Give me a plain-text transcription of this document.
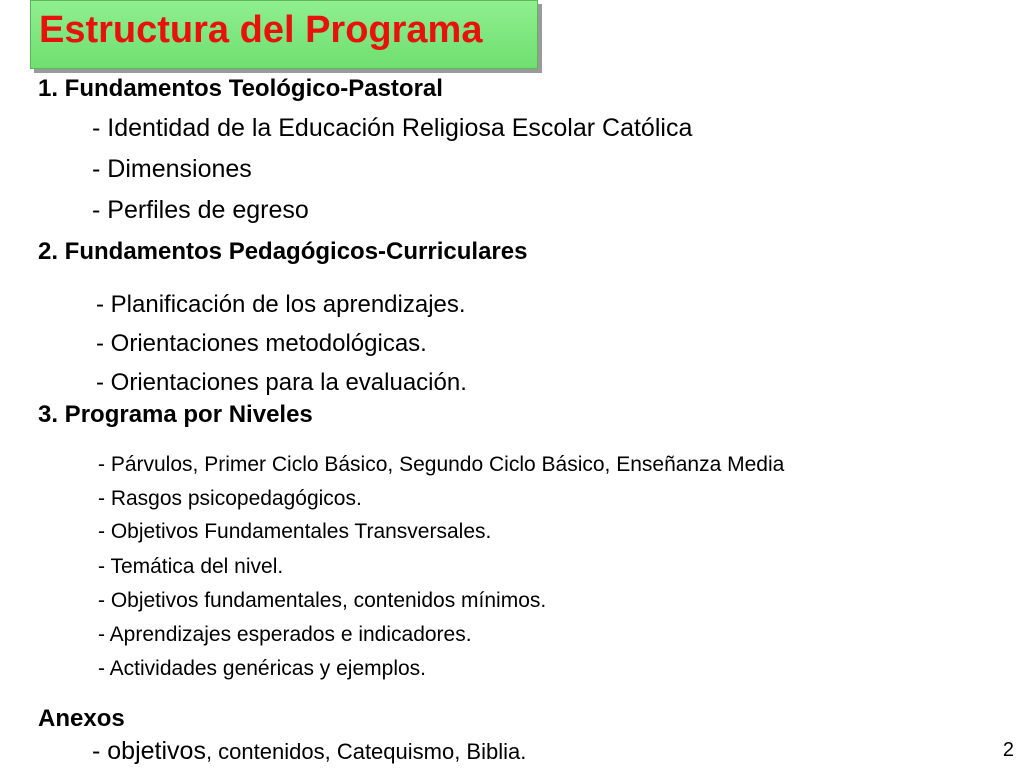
Estructura del Programa
1. Fundamentos Teológico-Pastoral
- Identidad de la Educación Religiosa Escolar Católica
- Dimensiones
- Perfiles de egreso
2. Fundamentos Pedagógicos-Curriculares
- Planificación de los aprendizajes.
- Orientaciones metodológicas.
- Orientaciones para la evaluación.
3. Programa por Niveles
- Párvulos, Primer Ciclo Básico, Segundo Ciclo Básico, Enseñanza Media
- Rasgos psicopedagógicos.
- Objetivos Fundamentales Transversales.
- Temática del nivel.
- Objetivos fundamentales, contenidos mínimos.
- Aprendizajes esperados e indicadores.
- Actividades genéricas y ejemplos.
Anexos
- objetivos, contenidos, Catequismo, Biblia.	2
